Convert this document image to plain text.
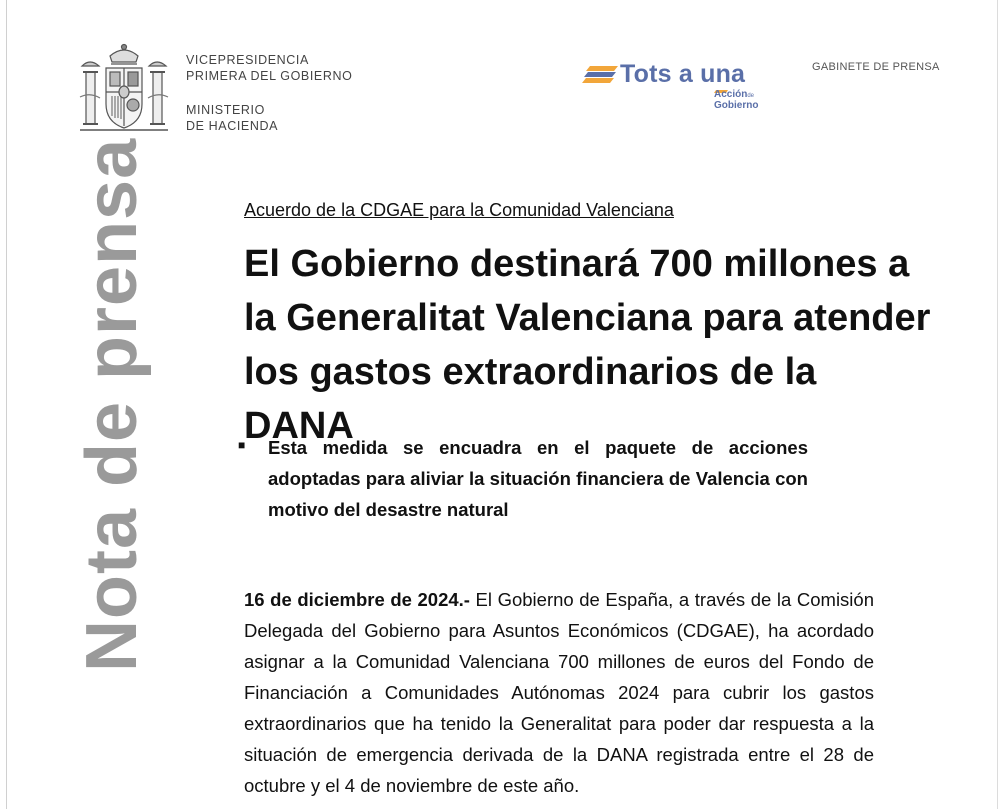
VICEPRESIDENCIA
PRIMERA DEL GOBIERNO
MINISTERIO
DE HACIENDA
Tots a una
Acciónde
Gobierno
GABINETE DE PRENSA
Nota de prensa	Acuerdo de la CDGAE para la Comunidad Valenciana
El Gobierno destinará 700 millones a la Generalitat Valenciana para atender los gastos extraordinarios de la DANA
■	Esta medida se encuadra en el paquete de acciones adoptadas para aliviar la situación financiera de Valencia con motivo del desastre natural

16 de diciembre de 2024.- El Gobierno de España, a través de la Comisión Delegada del Gobierno para Asuntos Económicos (CDGAE), ha acordado asignar a la Comunidad Valenciana 700 millones de euros del Fondo de Financiación a Comunidades Autónomas 2024 para cubrir los gastos extraordinarios que ha tenido la Generalitat para poder dar respuesta a la situación de emergencia derivada de la DANA registrada entre el 28 de octubre y el 4 de noviembre de este año.
